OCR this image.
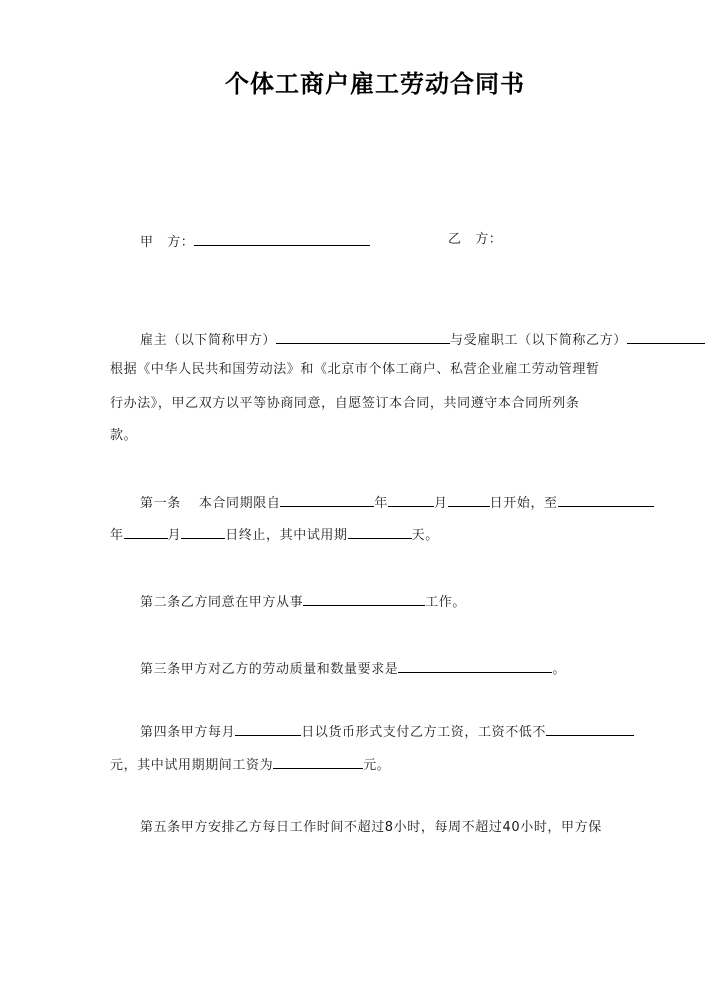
个体工商户雇工劳动合同书
甲　方：	乙　方：
雇主（以下简称甲方）	与受雇职工（以下简称乙方）
根据《中华人民共和国劳动法》和《北京市个体工商户、私营企业雇工劳动管理暂
行办法》，甲乙双方以平等协商同意，自愿签订本合同，共同遵守本合同所列条
款。
第一条 本合同期限自	年	月	日开始，至
年	月	日终止，其中试用期	天。
第二条乙方同意在甲方从事	工作。
第三条甲方对乙方的劳动质量和数量要求是	。
第四条甲方每月	日以货币形式支付乙方工资，工资不低不
元，其中试用期期间工资为	元。
第五条甲方安排乙方每日工作时间不超过8小时，每周不超过40小时，甲方保
